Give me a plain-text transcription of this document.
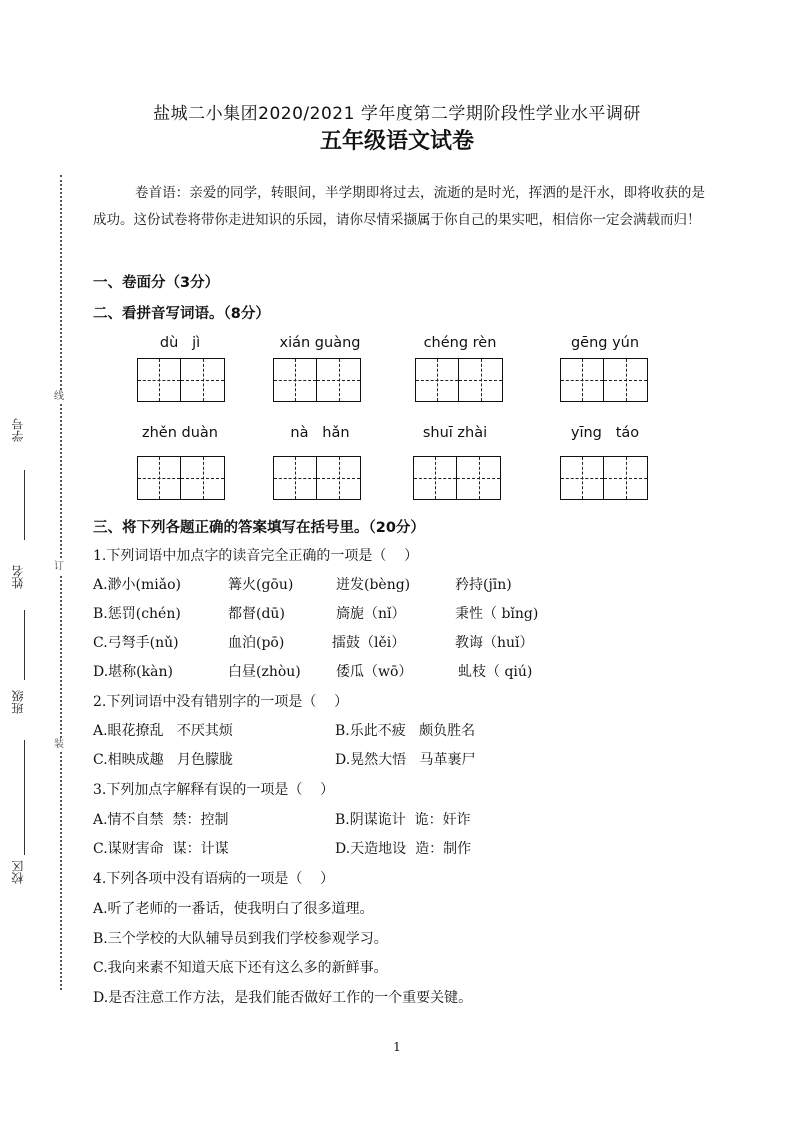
线
订
装
学号
姓名
班级
校区
盐城二小集团2020/2021 学年度第二学期阶段性学业水平调研
五年级语文试卷
卷首语：亲爱的同学，转眼间，半学期即将过去，流逝的是时光，挥洒的是汗水，即将收获的是成功。这份试卷将带你走进知识的乐园，请你尽情采撷属于你自己的果实吧，相信你一定会满载而归！
一、卷面分（3分）
二、看拼音写词语。（8分）
dù   jì	xián guàng	chéng rèn	gēng yún
zhěn duàn	nà   hǎn	shuī zhài	yīng   táo
三、将下列各题正确的答案填写在括号里。（20分）
1.下列词语中加点字的读音完全正确的一项是（    ）
A.渺小(miǎo)	篝火(gōu)	迸发(bèng)	矜持(jīn)
B.惩罚(chén)	都督(dū)	旖旎（nǐ）	秉性（ bǐng)
C.弓弩手(nǔ)	血泊(pō)	擂鼓（lěi）	教诲（huǐ）
D.堪称(kàn)	白昼(zhòu)	倭瓜（wō）	虬枝（ qiú)
2.下列词语中没有错别字的一项是（    ）
A.眼花撩乱   不厌其烦	B.乐此不疲   颇负胜名
C.相映成趣   月色朦胧	D.晃然大悟   马革裹尸
3.下列加点字解释有误的一项是（    ）
A.情不自禁  禁：控制	B.阴谋诡计  诡：奸诈
C.谋财害命  谋：计谋	D.天造地设  造：制作
4.下列各项中没有语病的一项是（    ）
A.听了老师的一番话，使我明白了很多道理。
B.三个学校的大队辅导员到我们学校参观学习。
C.我向来素不知道天底下还有这么多的新鲜事。
D.是否注意工作方法，是我们能否做好工作的一个重要关键。
1
